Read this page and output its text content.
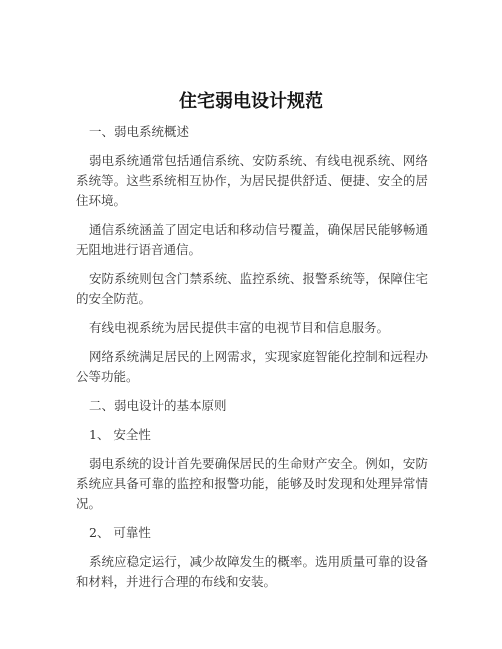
住宅弱电设计规范

一、弱电系统概述

弱电系统通常包括通信系统、安防系统、有线电视系统、网络系统等。这些系统相互协作，为居民提供舒适、便捷、安全的居住环境。

通信系统涵盖了固定电话和移动信号覆盖，确保居民能够畅通无阻地进行语音通信。

安防系统则包含门禁系统、监控系统、报警系统等，保障住宅的安全防范。

有线电视系统为居民提供丰富的电视节目和信息服务。

网络系统满足居民的上网需求，实现家庭智能化控制和远程办公等功能。

二、弱电设计的基本原则

1、 安全性

弱电系统的设计首先要确保居民的生命财产安全。例如，安防系统应具备可靠的监控和报警功能，能够及时发现和处理异常情况。

2、 可靠性

系统应稳定运行，减少故障发生的概率。选用质量可靠的设备和材料，并进行合理的布线和安装。
